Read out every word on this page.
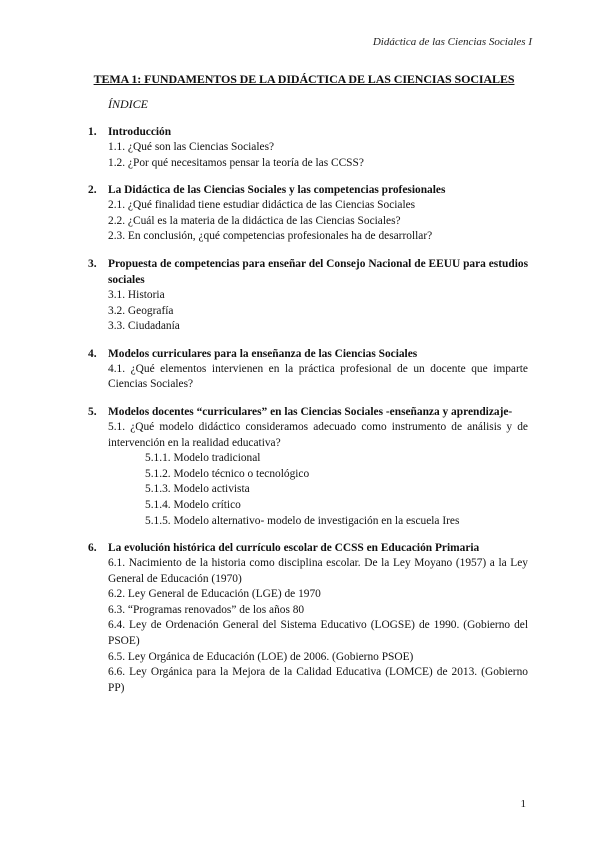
Didáctica de las Ciencias Sociales I
TEMA 1: FUNDAMENTOS DE LA DIDÁCTICA DE LAS CIENCIAS SOCIALES
ÍNDICE
1.	Introducción
1.1. ¿Qué son las Ciencias Sociales?
1.2. ¿Por qué necesitamos pensar la teoría de las CCSS?
2.	La Didáctica de las Ciencias Sociales y las competencias profesionales
2.1. ¿Qué finalidad tiene estudiar didáctica de las Ciencias Sociales
2.2. ¿Cuál es la materia de la didáctica de las Ciencias Sociales?
2.3. En conclusión, ¿qué competencias profesionales ha de desarrollar?
3.	Propuesta de competencias para enseñar del Consejo Nacional de EEUU para estudios sociales
3.1. Historia
3.2. Geografía
3.3. Ciudadanía
4.	Modelos curriculares para la enseñanza de las Ciencias Sociales
4.1. ¿Qué elementos intervienen en la práctica profesional de un docente que imparte Ciencias Sociales?
5.	Modelos docentes “curriculares” en las Ciencias Sociales -enseñanza y aprendizaje-
5.1. ¿Qué modelo didáctico consideramos adecuado como instrumento de análisis y de intervención en la realidad educativa?
5.1.1. Modelo tradicional
5.1.2. Modelo técnico o tecnológico
5.1.3. Modelo activista
5.1.4. Modelo crítico
5.1.5. Modelo alternativo- modelo de investigación en la escuela Ires
6.	La evolución histórica del currículo escolar de CCSS en Educación Primaria
6.1. Nacimiento de la historia como disciplina escolar. De la Ley Moyano (1957) a la Ley General de Educación (1970)
6.2. Ley General de Educación (LGE) de 1970
6.3. “Programas renovados” de los años 80
6.4. Ley de Ordenación General del Sistema Educativo (LOGSE) de 1990. (Gobierno del PSOE)
6.5. Ley Orgánica de Educación (LOE) de 2006. (Gobierno PSOE)
6.6. Ley Orgánica para la Mejora de la Calidad Educativa (LOMCE) de 2013. (Gobierno PP)
1
